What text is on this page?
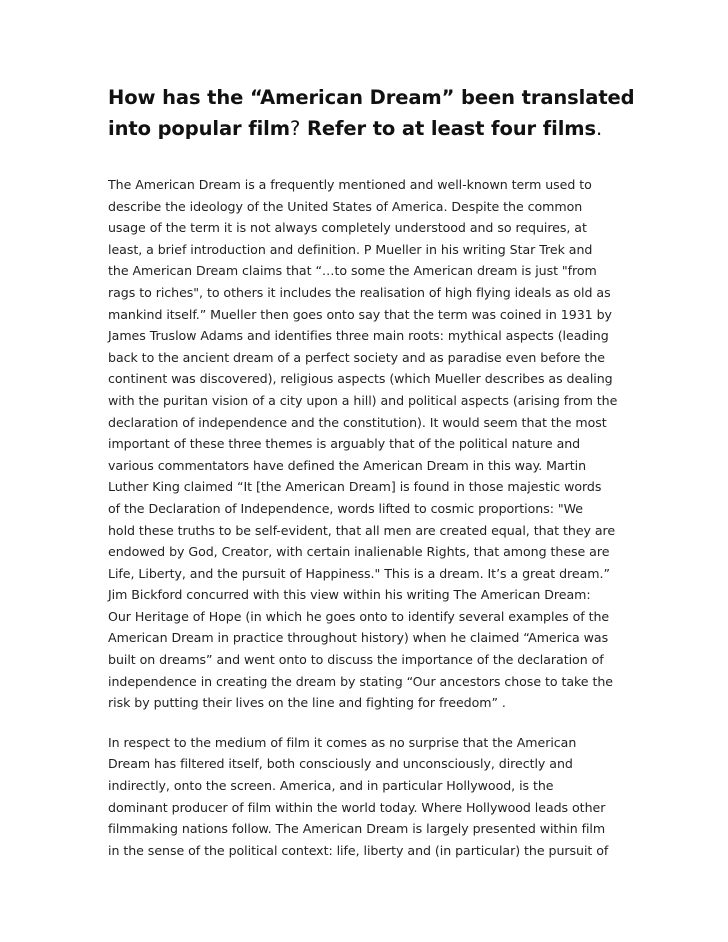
How has the “American Dream” been translated
into popular film? Refer to at least four films.
The American Dream is a frequently mentioned and well-known term used to
describe the ideology of the United States of America. Despite the common
usage of the term it is not always completely understood and so requires, at
least, a brief introduction and definition. P Mueller in his writing Star Trek and
the American Dream claims that “…to some the American dream is just "from
rags to riches", to others it includes the realisation of high flying ideals as old as
mankind itself.” Mueller then goes onto say that the term was coined in 1931 by
James Truslow Adams and identifies three main roots: mythical aspects (leading
back to the ancient dream of a perfect society and as paradise even before the
continent was discovered), religious aspects (which Mueller describes as dealing
with the puritan vision of a city upon a hill) and political aspects (arising from the
declaration of independence and the constitution). It would seem that the most
important of these three themes is arguably that of the political nature and
various commentators have defined the American Dream in this way. Martin
Luther King claimed “It [the American Dream] is found in those majestic words
of the Declaration of Independence, words lifted to cosmic proportions: "We
hold these truths to be self-evident, that all men are created equal, that they are
endowed by God, Creator, with certain inalienable Rights, that among these are
Life, Liberty, and the pursuit of Happiness." This is a dream. It’s a great dream.”
Jim Bickford concurred with this view within his writing The American Dream:
Our Heritage of Hope (in which he goes onto to identify several examples of the
American Dream in practice throughout history) when he claimed “America was
built on dreams” and went onto to discuss the importance of the declaration of
independence in creating the dream by stating “Our ancestors chose to take the
risk by putting their lives on the line and fighting for freedom” .
In respect to the medium of film it comes as no surprise that the American
Dream has filtered itself, both consciously and unconsciously, directly and
indirectly, onto the screen. America, and in particular Hollywood, is the
dominant producer of film within the world today. Where Hollywood leads other
filmmaking nations follow. The American Dream is largely presented within film
in the sense of the political context: life, liberty and (in particular) the pursuit of
